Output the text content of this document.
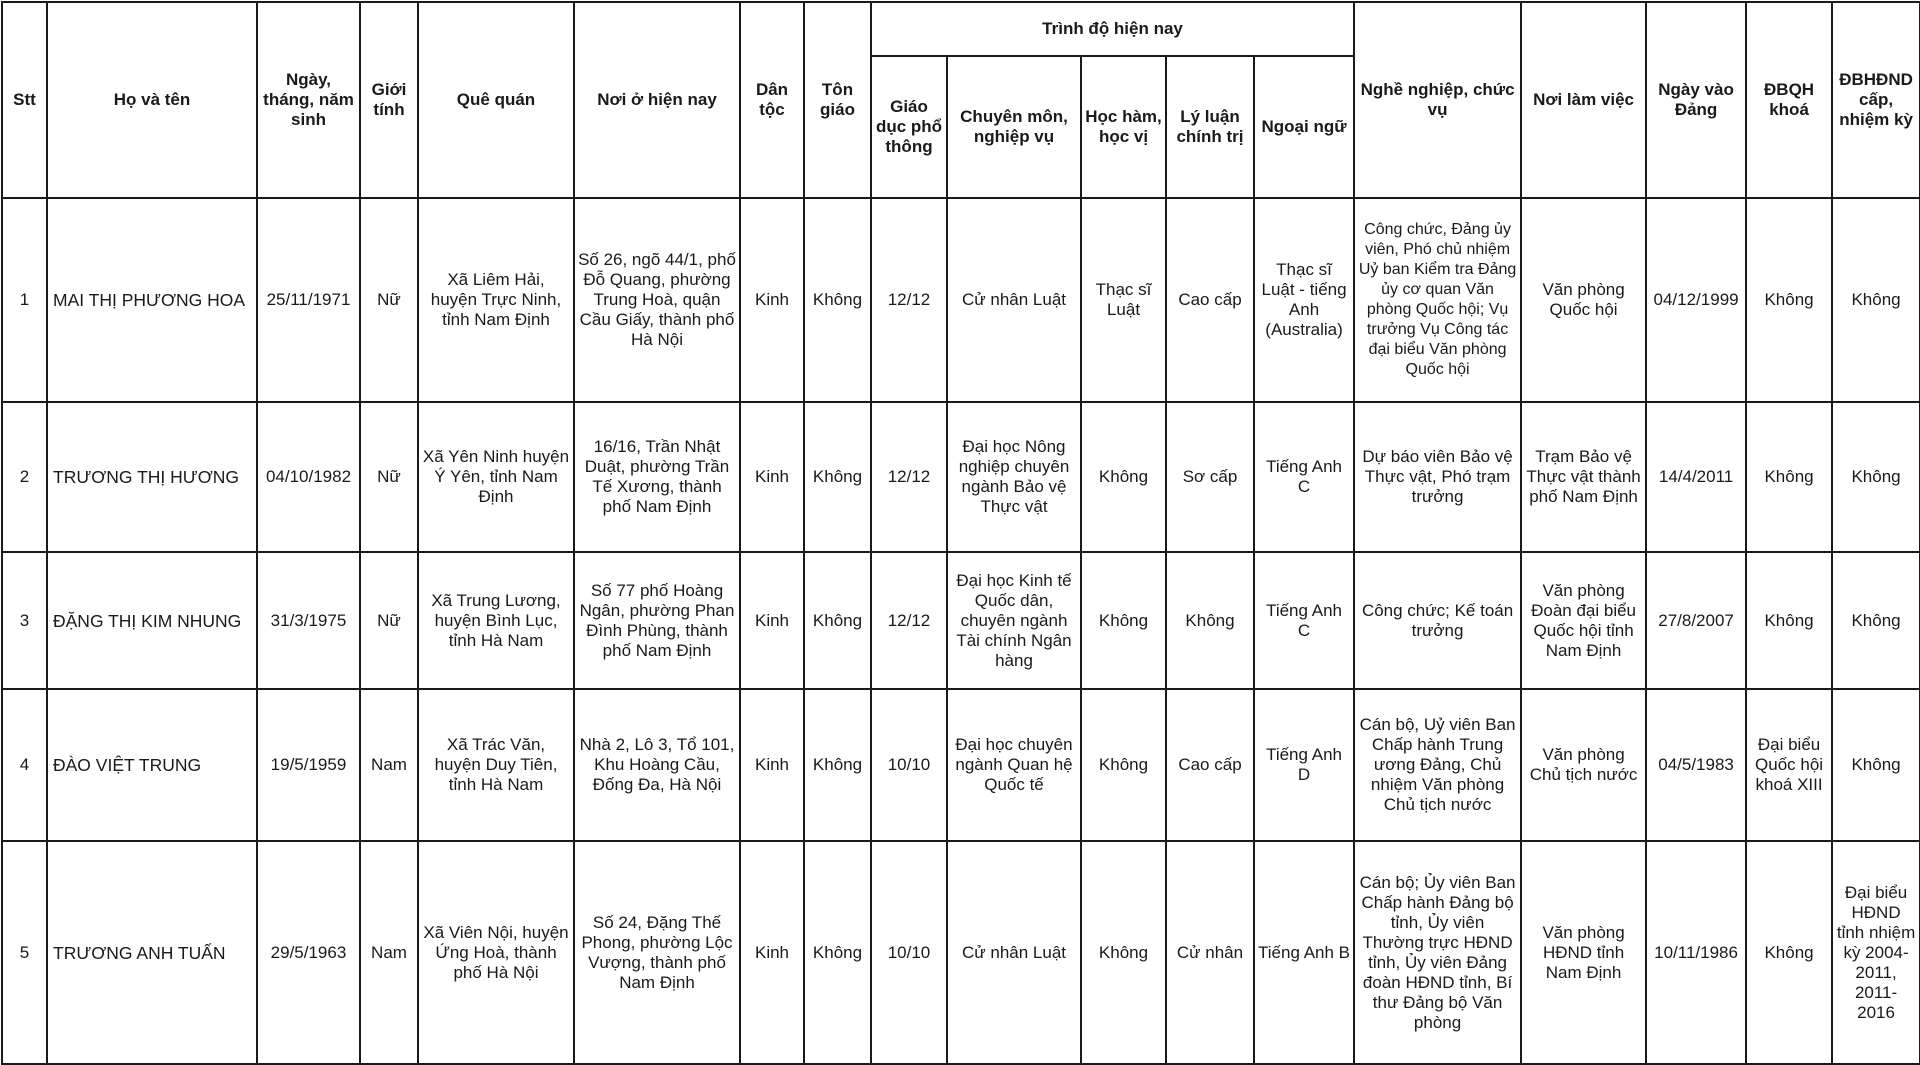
Stt	Họ và tên	Ngày, tháng, năm sinh	Giới tính	Quê quán	Nơi ở hiện nay	Dân tộc	Tôn giáo	Trình độ hiện nay					Nghề nghiệp, chức vụ	Nơi làm việc	Ngày vào Đảng	ĐBQH khoá	ĐBHĐND cấp, nhiệm kỳ
								Giáo dục phổ thông	Chuyên môn, nghiệp vụ	Học hàm, học vị	Lý luận chính trị	Ngoại ngữ					
1	MAI THỊ PHƯƠNG HOA	25/11/1971	Nữ	Xã Liêm Hải, huyện Trực Ninh, tỉnh Nam Định	Số 26, ngõ 44/1, phố Đỗ Quang, phường Trung Hoà, quận Cầu Giấy, thành phố Hà Nội	Kinh	Không	12/12	Cử nhân Luật	Thạc sĩ Luật	Cao cấp	Thạc sĩ Luật - tiếng Anh (Australia)	Công chức, Đảng ủy viên, Phó chủ nhiệm Uỷ ban Kiểm tra Đảng ủy cơ quan Văn phòng Quốc hội; Vụ trưởng Vụ Công tác đại biểu Văn phòng Quốc hội	Văn phòng Quốc hội	04/12/1999	Không	Không
2	TRƯƠNG THỊ HƯƠNG	04/10/1982	Nữ	Xã Yên Ninh huyện Ý Yên, tỉnh Nam Định	16/16, Trần Nhật Duật, phường Trần Tế Xương, thành phố Nam Định	Kinh	Không	12/12	Đại học Nông nghiệp chuyên ngành Bảo vệ Thực vật	Không	Sơ cấp	Tiếng Anh C	Dự báo viên Bảo vệ Thực vật, Phó trạm trưởng	Trạm Bảo vệ Thực vật thành phố Nam Định	14/4/2011	Không	Không
3	ĐẶNG THỊ KIM NHUNG	31/3/1975	Nữ	Xã Trung Lương, huyện Bình Lục, tỉnh Hà Nam	Số 77 phố Hoàng Ngân, phường Phan Đình Phùng, thành phố Nam Định	Kinh	Không	12/12	Đại học Kinh tế Quốc dân, chuyên ngành Tài chính Ngân hàng	Không	Không	Tiếng Anh C	Công chức; Kế toán trưởng	Văn phòng Đoàn đại biểu Quốc hội tỉnh Nam Định	27/8/2007	Không	Không
4	ĐÀO VIỆT TRUNG	19/5/1959	Nam	Xã Trác Văn, huyện Duy Tiên, tỉnh Hà Nam	Nhà 2, Lô 3, Tổ 101, Khu Hoàng Cầu, Đống Đa, Hà Nội	Kinh	Không	10/10	Đại học chuyên ngành Quan hệ Quốc tế	Không	Cao cấp	Tiếng Anh D	Cán bộ, Uỷ viên Ban Chấp hành Trung ương Đảng, Chủ nhiệm Văn phòng Chủ tịch nước	Văn phòng Chủ tịch nước	04/5/1983	Đại biểu Quốc hội khoá XIII	Không
5	TRƯƠNG ANH TUẤN	29/5/1963	Nam	Xã Viên Nội, huyện Ứng Hoà, thành phố Hà Nội	Số 24, Đặng Thế Phong, phường Lộc Vượng, thành phố Nam Định	Kinh	Không	10/10	Cử nhân Luật	Không	Cử nhân	Tiếng Anh B	Cán bộ; Ủy viên Ban Chấp hành Đảng bộ tỉnh, Ủy viên Thường trực HĐND tỉnh, Ủy viên Đảng đoàn HĐND tỉnh, Bí thư Đảng bộ Văn phòng	Văn phòng HĐND tỉnh Nam Định	10/11/1986	Không	Đại biểu HĐND tỉnh nhiệm kỳ 2004-2011, 2011-2016
